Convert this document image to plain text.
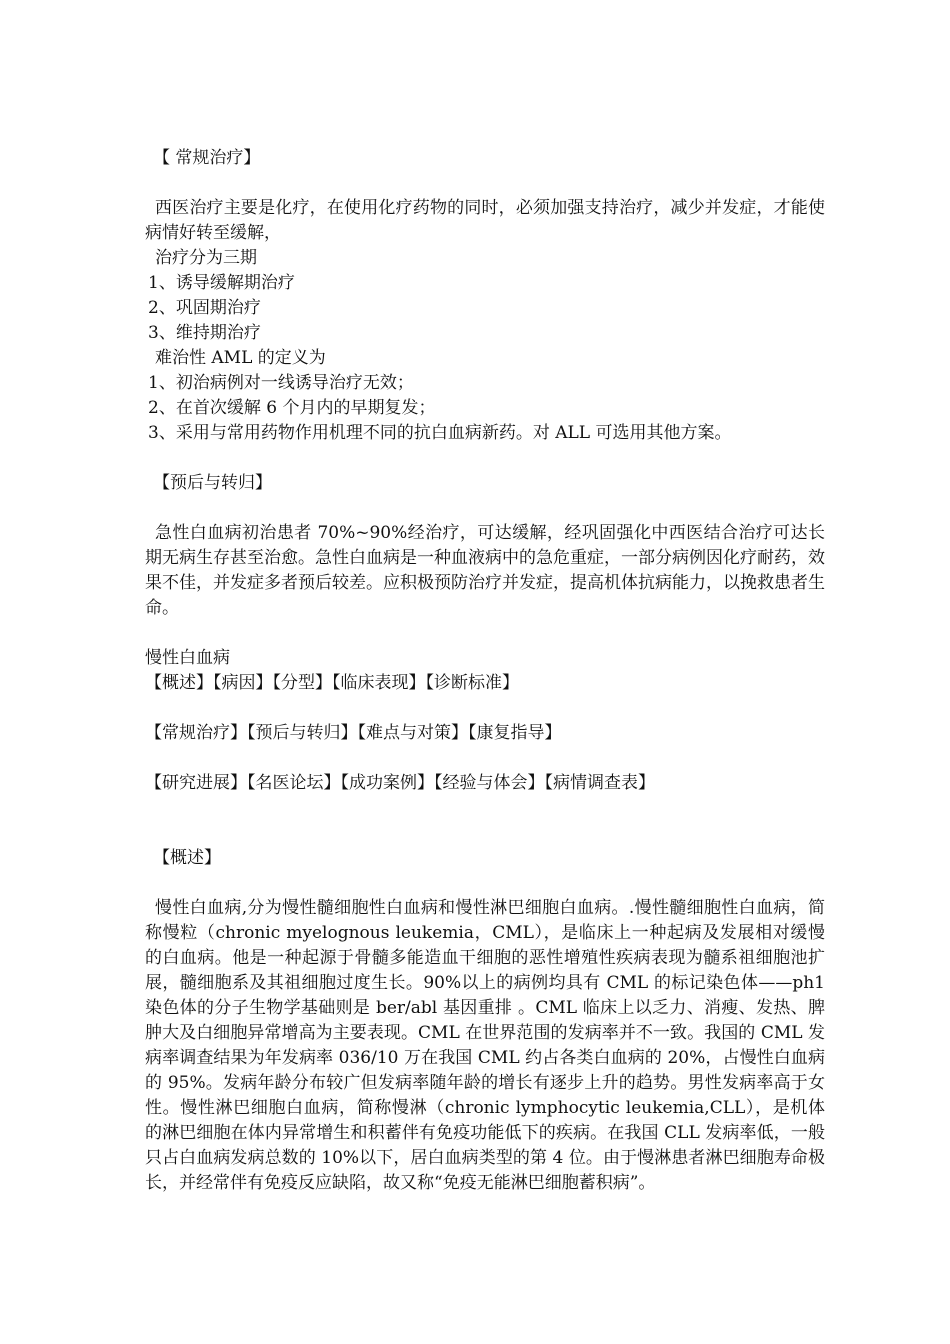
【 常规治疗】

西医治疗主要是化疗，在使用化疗药物的同时，必须加强支持治疗，减少并发症，才能使病情好转至缓解，

治疗分为三期

1、诱导缓解期治疗

2、巩固期治疗

3、维持期治疗

难治性 AML 的定义为

1、初治病例对一线诱导治疗无效；

2、在首次缓解 6 个月内的早期复发；

3、采用与常用药物作用机理不同的抗白血病新药。对 ALL 可选用其他方案。

【预后与转归】

急性白血病初治患者 70%~90%经治疗，可达缓解，经巩固强化中西医结合治疗可达长期无病生存甚至治愈。急性白血病是一种血液病中的急危重症，一部分病例因化疗耐药，效果不佳，并发症多者预后较差。应积极预防治疗并发症，提高机体抗病能力，以挽救患者生命。

慢性白血病

【概述】【病因】【分型】【临床表现】【诊断标准】

【常规治疗】【预后与转归】【难点与对策】【康复指导】

【研究进展】【名医论坛】【成功案例】【经验与体会】【病情调查表】

【概述】

慢性白血病,分为慢性髓细胞性白血病和慢性淋巴细胞白血病。.慢性髓细胞性白血病，简称慢粒（chronic myelognous leukemia，CML），是临床上一种起病及发展相对缓慢的白血病。他是一种起源于骨髓多能造血干细胞的恶性增殖性疾病表现为髓系祖细胞池扩展，髓细胞系及其祖细胞过度生长。90%以上的病例均具有 CML 的标记染色体——ph1 染色体的分子生物学基础则是 ber/abl 基因重排 。CML 临床上以乏力、消瘦、发热、脾肿大及白细胞异常增高为主要表现。CML 在世界范围的发病率并不一致。我国的 CML 发病率调查结果为年发病率 036/10 万在我国 CML 约占各类白血病的 20%，占慢性白血病的 95%。发病年龄分布较广但发病率随年龄的增长有逐步上升的趋势。男性发病率高于女性。慢性淋巴细胞白血病，简称慢淋（chronic lymphocytic leukemia,CLL），是机体的淋巴细胞在体内异常增生和积蓄伴有免疫功能低下的疾病。在我国 CLL 发病率低，一般只占白血病发病总数的 10%以下，居白血病类型的第 4 位。由于慢淋患者淋巴细胞寿命极长，并经常伴有免疫反应缺陷，故又称“免疫无能淋巴细胞蓄积病”。
